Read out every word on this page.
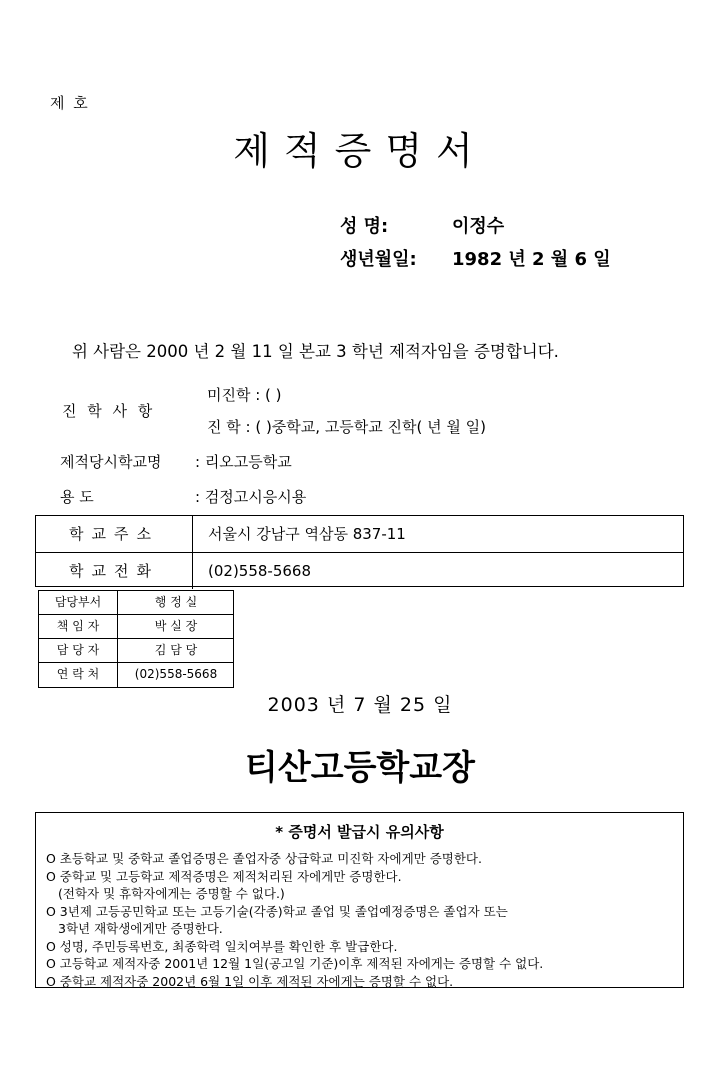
제 호
제적증명서
성 명:	이정수
생년월일: 1982 년 2 월 6 일
위 사람은 2000 년 2 월 11 일 본교 3 학년 제적자임을 증명합니다.
진 학 사 항
미진학 : ( )
진 학 : ( )중학교, 고등학교 진학( 년 월 일)
제적당시학교명 : 리오고등학교
용 도	: 검정고시응시용
학교주소	서울시 강남구 역삼동 837-11
학교전화	(02)558-5668
담당부서	행 정 실
책 임 자	박 실 장
담 당 자	김 담 당
연 락 처	(02)558-5668
2003 년 7 월 25 일
티산고등학교장
* 증명서 발급시 유의사항
O 초등학교 및 중학교 졸업증명은 졸업자중 상급학교 미진학 자에게만 증명한다.
O 중학교 및 고등학교 제적증명은 제적처리된 자에게만 증명한다.
(전학자 및 휴학자에게는 증명할 수 없다.)
O 3년제 고등공민학교 또는 고등기술(각종)학교 졸업 및 졸업예정증명은 졸업자 또는
3학년 재학생에게만 증명한다.
O 성명, 주민등록번호, 최종학력 일치여부를 확인한 후 발급한다.
O 고등학교 제적자중 2001년 12월 1일(공고일 기준)이후 제적된 자에게는 증명할 수 없다.
O 중학교 제적자중 2002년 6월 1일 이후 제적된 자에게는 증명할 수 없다.
